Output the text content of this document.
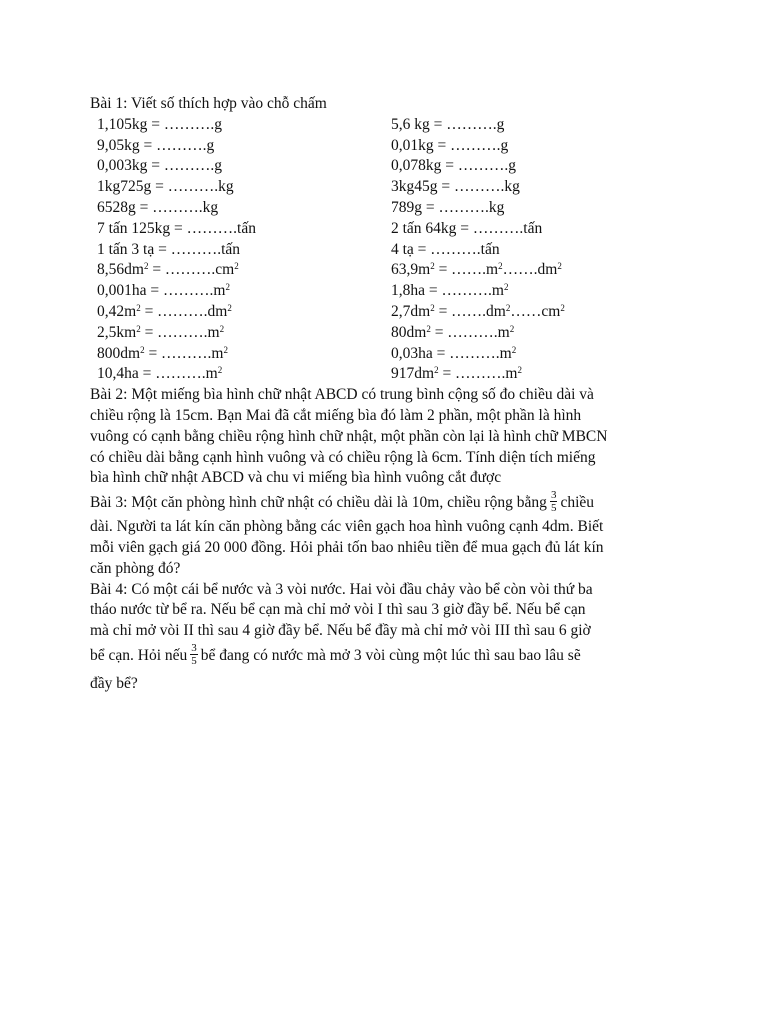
Bài 1: Viết số thích hợp vào chỗ chấm
1,105kg = ……….g	5,6 kg = ……….g
9,05kg = ……….g	0,01kg = ……….g
0,003kg = ……….g	0,078kg = ……….g
1kg725g = ……….kg	3kg45g = ……….kg
6528g = ……….kg	789g = ……….kg
7 tấn 125kg = ……….tấn	2 tấn 64kg = ……….tấn
1 tấn 3 tạ = ……….tấn	4 tạ = ……….tấn
$8,56dm^2$ = $\dots\dots\dots.cm^2$	$63,9m^2$ = $\dots\dots.m^2\dots\dots.dm^2$
$0,001ha = \dots\dots\dots.m^2$	$1,8ha = \dots\dots\dots.m^2$
$0,42m^2$ = $\dots\dots\dots.dm^2$	$2,7dm^2$ = $\dots\dots.dm^2\dots\dots cm^2$
$2,5km^2$ = $\dots\dots\dots.m^2$	$80dm^2$ = $\dots\dots\dots.m^2$
$800dm^2$ = $\dots\dots\dots.m^2$	$0,03ha = \dots\dots\dots.m^2$
$10,4ha = \dots\dots\dots.m^2$	$917dm^2$ = $\dots\dots\dots.m^2$
Bài 2: Một miếng bìa hình chữ nhật ABCD có trung bình cộng số đo chiều dài và
chiều rộng là 15cm. Bạn Mai đã cắt miếng bìa đó làm 2 phần, một phần là hình
vuông có cạnh bằng chiều rộng hình chữ nhật, một phần còn lại là hình chữ MBCN
có chiều dài bằng cạnh hình vuông và có chiều rộng là 6cm. Tính diện tích miếng
bìa hình chữ nhật ABCD và chu vi miếng bìa hình vuông cắt được
Bài 3: Một căn phòng hình chữ nhật có chiều dài là 10m, chiều rộng bằng $\frac{3}{5}$ chiều
dài. Người ta lát kín căn phòng bằng các viên gạch hoa hình vuông cạnh 4dm. Biết
mỗi viên gạch giá 20 000 đồng. Hỏi phải tốn bao nhiêu tiền để mua gạch đủ lát kín
căn phòng đó?
Bài 4: Có một cái bể nước và 3 vòi nước. Hai vòi đầu chảy vào bể còn vòi thứ ba
tháo nước từ bể ra. Nếu bể cạn mà chỉ mở vòi I thì sau 3 giờ đầy bể. Nếu bể cạn
mà chỉ mở vòi II thì sau 4 giờ đầy bể. Nếu bể đầy mà chỉ mở vòi III thì sau 6 giờ
bể cạn. Hỏi nếu $\frac{3}{5}$ bể đang có nước mà mở 3 vòi cùng một lúc thì sau bao lâu sẽ
đầy bể?
